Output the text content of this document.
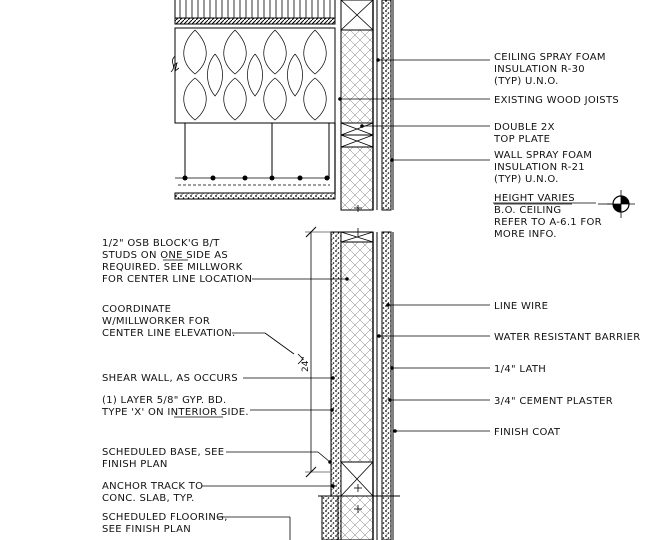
24"
CEILING SPRAY FOAM INSULATION R-30 (TYP) U.N.O.
EXISTING WOOD JOISTS
DOUBLE 2X TOP PLATE
WALL SPRAY FOAM INSULATION R-21 (TYP) U.N.O.
HEIGHT VARIES B.O. CEILING REFER TO A-6.1 FOR MORE INFO.
LINE WIRE
WATER RESISTANT BARRIER
1/4" LATH
3/4" CEMENT PLASTER
FINISH COAT
1/2" OSB BLOCK'G B/T STUDS ON ONE SIDE AS REQUIRED. SEE MILLWORK FOR CENTER LINE LOCATION
COORDINATE W/MILLWORKER FOR CENTER LINE ELEVATION.
SHEAR WALL, AS OCCURS
(1) LAYER 5/8" GYP. BD. TYPE 'X' ON INTERIOR SIDE.
SCHEDULED BASE, SEE FINISH PLAN
ANCHOR TRACK TO CONC. SLAB, TYP.
SCHEDULED FLOORING, SEE FINISH PLAN
